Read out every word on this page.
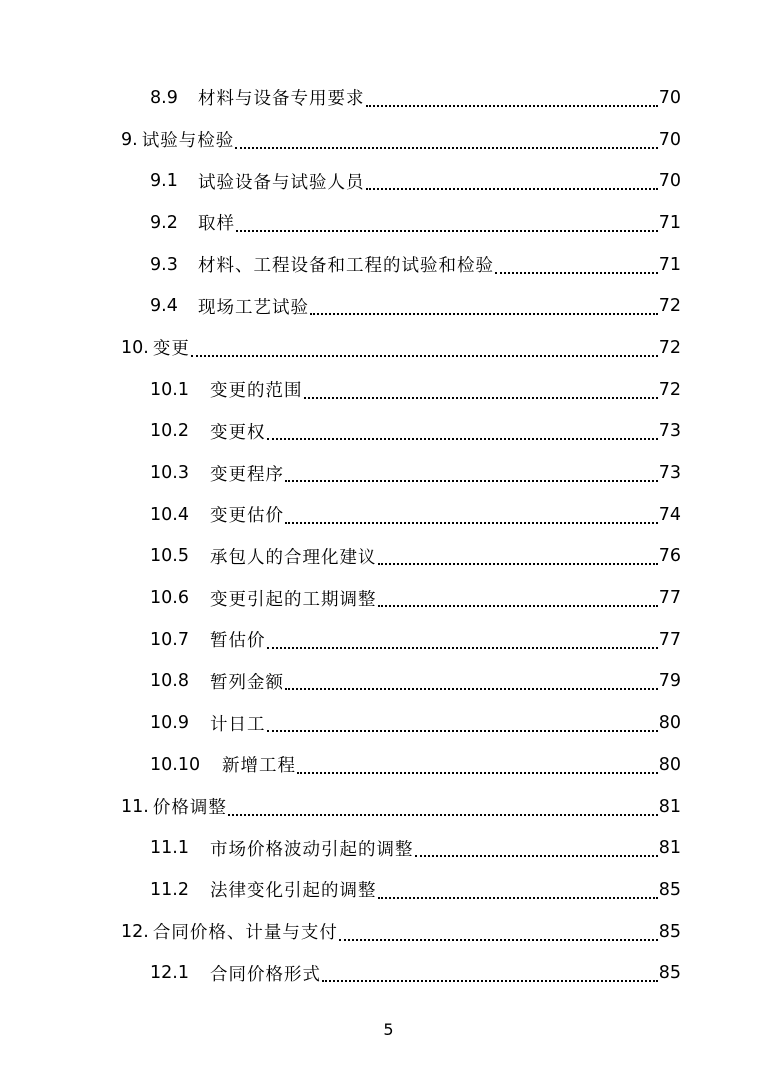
8.9	材料与设备专用要求	70
9. 试验与检验	70
9.1	试验设备与试验人员	70
9.2	取样	71
9.3	材料、工程设备和工程的试验和检验	71
9.4	现场工艺试验	72
10. 变更	72
10.1	变更的范围	72
10.2	变更权	73
10.3	变更程序	73
10.4	变更估价	74
10.5	承包人的合理化建议	76
10.6	变更引起的工期调整	77
10.7	暂估价	77
10.8	暂列金额	79
10.9	计日工	80
10.10	新增工程	80
11. 价格调整	81
11.1	市场价格波动引起的调整	81
11.2	法律变化引起的调整	85
12. 合同价格、计量与支付	85
12.1	合同价格形式	85
5
